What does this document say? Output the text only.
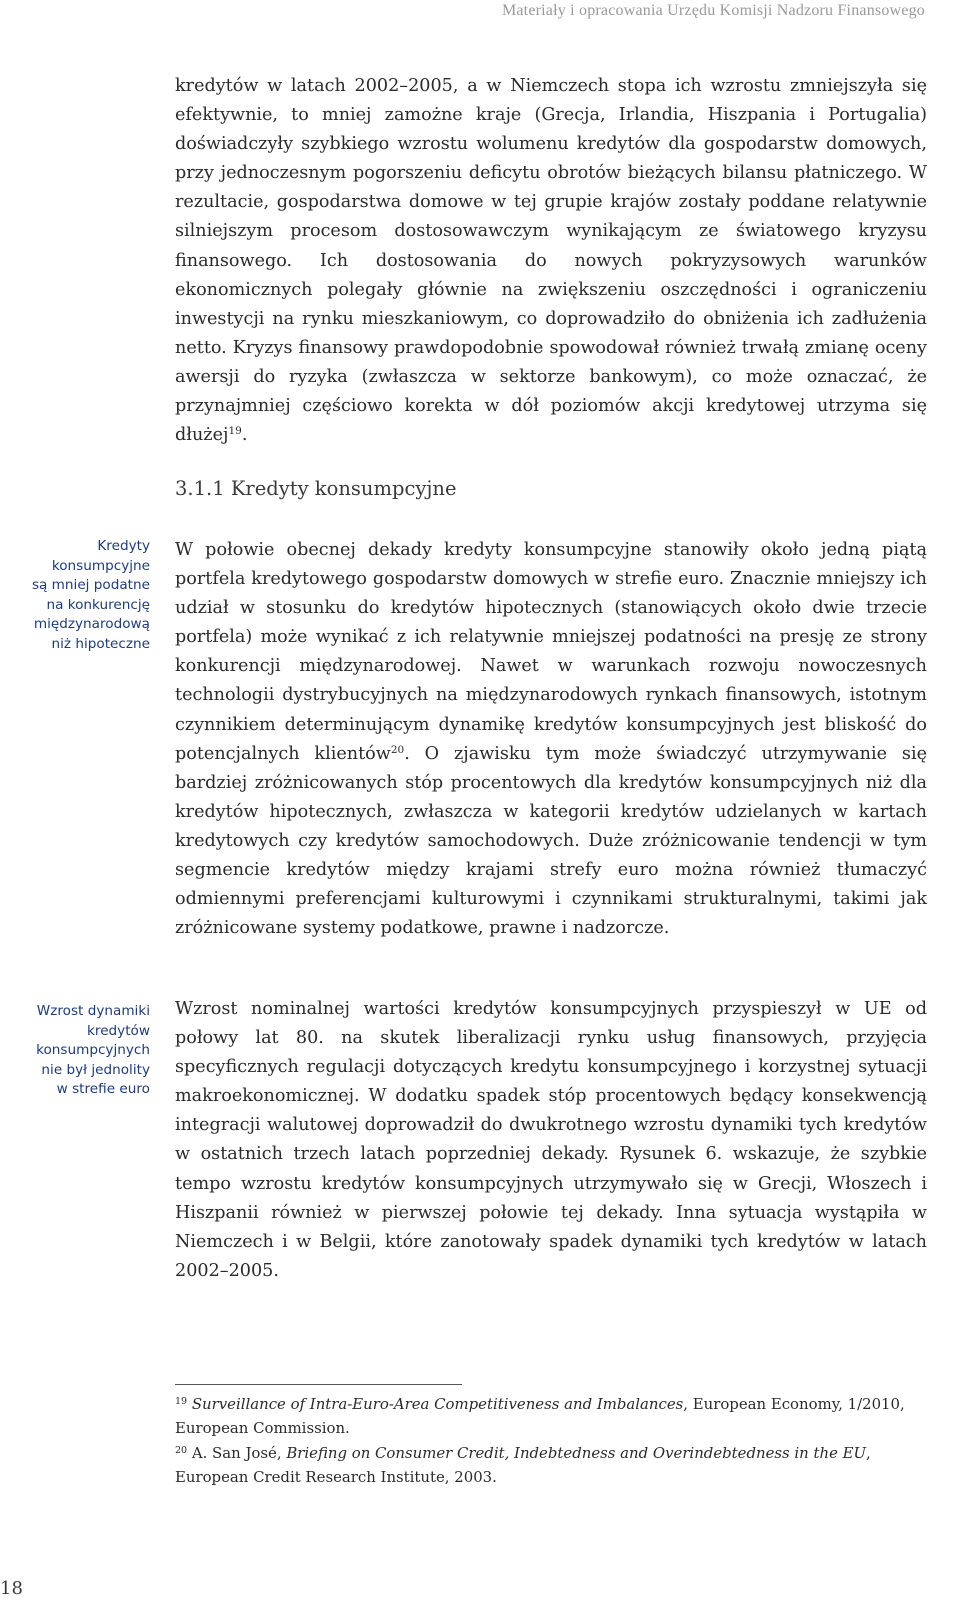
Materiały i opracowania Urzędu Komisji Nadzoru Finansowego

kredytów w latach 2002–2005, a w Niemczech stopa ich wzrostu zmniejszyła się efektywnie, to mniej zamożne kraje (Grecja, Irlandia, Hiszpania i Portugalia) doświadczyły szybkiego wzrostu wolumenu kredytów dla gospodarstw domowych, przy jednoczesnym pogorszeniu deficytu obrotów bieżących bilansu płatniczego. W rezultacie, gospodarstwa domowe w tej grupie krajów zostały poddane relatywnie silniejszym procesom dostosowawczym wynikającym ze światowego kryzysu finansowego. Ich dostosowania do nowych pokryzysowych warunków ekonomicznych polegały głównie na zwiększeniu oszczędności i ograniczeniu inwestycji na rynku mieszkaniowym, co doprowadziło do obniżenia ich zadłużenia netto. Kryzys finansowy prawdopodobnie spowodował również trwałą zmianę oceny awersji do ryzyka (zwłaszcza w sektorze bankowym), co może oznaczać, że przynajmniej częściowo korekta w dół poziomów akcji kredytowej utrzyma się dłużej$^{19}$.

3.1.1 Kredyty konsumpcyjne
Kredyty
konsumpcyjne
są mniej podatne
na konkurencję
międzynarodową
niż hipoteczne

W połowie obecnej dekady kredyty konsumpcyjne stanowiły około jedną piątą portfela kredytowego gospodarstw domowych w strefie euro. Znacznie mniejszy ich udział w stosunku do kredytów hipotecznych (stanowiących około dwie trzecie portfela) może wynikać z ich relatywnie mniejszej podatności na presję ze strony konkurencji międzynarodowej. Nawet w warunkach rozwoju nowoczesnych technologii dystrybucyjnych na międzynarodowych rynkach finansowych, istotnym czynnikiem determinującym dynamikę kredytów konsumpcyjnych jest bliskość do potencjalnych klientów$^{20}$. O zjawisku tym może świadczyć utrzymywanie się bardziej zróżnicowanych stóp procentowych dla kredytów konsumpcyjnych niż dla kredytów hipotecznych, zwłaszcza w kategorii kredytów udzielanych w kartach kredytowych czy kredytów samochodowych. Duże zróżnicowanie tendencji w tym segmencie kredytów między krajami strefy euro można również tłumaczyć odmiennymi preferencjami kulturowymi i czynnikami strukturalnymi, takimi jak zróżnicowane systemy podatkowe, prawne i nadzorcze.

Wzrost dynamiki
kredytów
konsumpcyjnych
nie był jednolity
w strefie euro

Wzrost nominalnej wartości kredytów konsumpcyjnych przyspieszył w UE od połowy lat 80. na skutek liberalizacji rynku usług finansowych, przyjęcia specyficznych regulacji dotyczących kredytu konsumpcyjnego i korzystnej sytuacji makroekonomicznej. W dodatku spadek stóp procentowych będący konsekwencją integracji walutowej doprowadził do dwukrotnego wzrostu dynamiki tych kredytów w ostatnich trzech latach poprzedniej dekady. Rysunek 6. wskazuje, że szybkie tempo wzrostu kredytów konsumpcyjnych utrzymywało się w Grecji, Włoszech i Hiszpanii również w pierwszej połowie tej dekady. Inna sytuacja wystąpiła w Niemczech i w Belgii, które zanotowały spadek dynamiki tych kredytów w latach 2002–2005.

$^{19}$ Surveillance of Intra-Euro-Area Competitiveness and Imbalances, European Economy, 1/2010, European Commission.

$^{20}$ A. San José, Briefing on Consumer Credit, Indebtedness and Overindebtedness in the EU, European Credit Research Institute, 2003.

18
